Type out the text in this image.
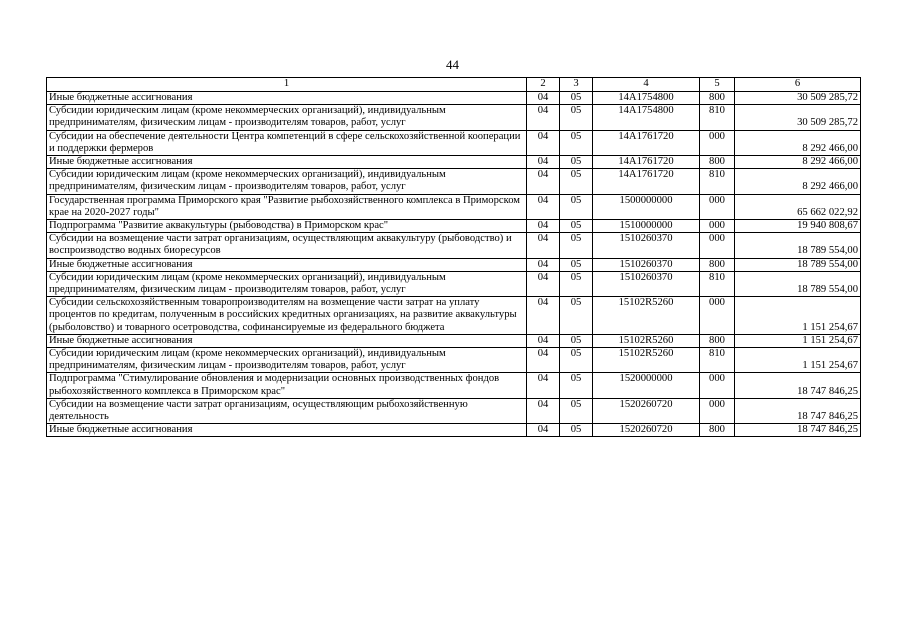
44
1	2	3	4	5	6
Иные бюджетные ассигнования	04	05	14А1754800	800	30 509 285,72
Субсидии юридическим лицам (кроме некоммерческих организаций), индивидуальным предпринимателям, физическим лицам - производителям товаров, работ, услуг	04	05	14А1754800	810	30 509 285,72
Субсидии на обеспечение деятельности Центра компетенций в сфере сельскохозяйственной кооперации и поддержки фермеров	04	05	14А1761720	000	8 292 466,00
Иные бюджетные ассигнования	04	05	14А1761720	800	8 292 466,00
Субсидии юридическим лицам (кроме некоммерческих организаций), индивидуальным предпринимателям, физическим лицам - производителям товаров, работ, услуг	04	05	14А1761720	810	8 292 466,00
Государственная программа Приморского края "Развитие рыбохозяйственного комплекса в Приморском крае на 2020-2027 годы"	04	05	1500000000	000	65 662 022,92
Подпрограмма "Развитие аквакультуры (рыбоводства) в Приморском крас"	04	05	1510000000	000	19 940 808,67
Субсидии на возмещение части затрат организациям, осуществляющим аквакультуру (рыбоводство) и воспроизводство водных биоресурсов	04	05	1510260370	000	18 789 554,00
Иные бюджетные ассигнования	04	05	1510260370	800	18 789 554,00
Субсидии юридическим лицам (кроме некоммерческих организаций), индивидуальным предпринимателям, физическим лицам - производителям товаров, работ, услуг	04	05	1510260370	810	18 789 554,00
Субсидии сельскохозяйственным товаропроизводителям на возмещение части затрат на уплату процентов по кредитам, полученным в российских кредитных организациях, на развитие аквакультуры (рыболовство) и товарного осетроводства, софинансируемые из федерального бюджета	04	05	15102R5260	000	1 151 254,67
Иные бюджетные ассигнования	04	05	15102R5260	800	1 151 254,67
Субсидии юридическим лицам (кроме некоммерческих организаций), индивидуальным предпринимателям, физическим лицам - производителям товаров, работ, услуг	04	05	15102R5260	810	1 151 254,67
Подпрограмма "Стимулирование обновления и модернизации основных производственных фондов рыбохозяйственного комплекса в Приморском крас"	04	05	1520000000	000	18 747 846,25
Субсидии на возмещение части затрат организациям, осуществляющим рыбохозяйственную деятельность	04	05	1520260720	000	18 747 846,25
Иные бюджетные ассигнования	04	05	1520260720	800	18 747 846,25
